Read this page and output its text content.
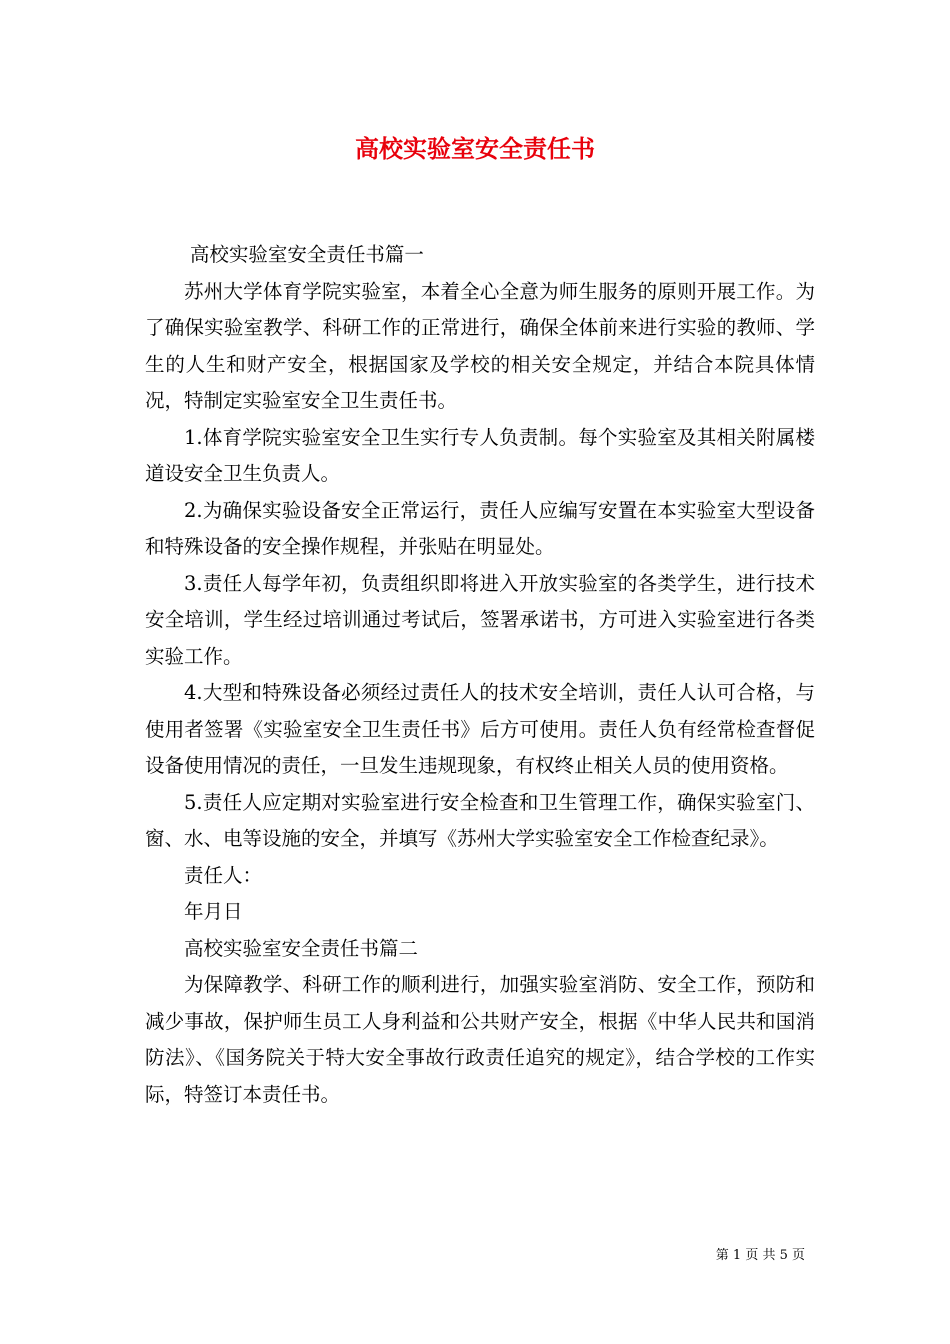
高校实验室安全责任书

高校实验室安全责任书篇一

苏州大学体育学院实验室，本着全心全意为师生服务的原则开展工作。为了确保实验室教学、科研工作的正常进行，确保全体前来进行实验的教师、学生的人生和财产安全，根据国家及学校的相关安全规定，并结合本院具体情况，特制定实验室安全卫生责任书。

1.体育学院实验室安全卫生实行专人负责制。每个实验室及其相关附属楼道设安全卫生负责人。

2.为确保实验设备安全正常运行，责任人应编写安置在本实验室大型设备和特殊设备的安全操作规程，并张贴在明显处。

3.责任人每学年初，负责组织即将进入开放实验室的各类学生，进行技术安全培训，学生经过培训通过考试后，签署承诺书，方可进入实验室进行各类实验工作。

4.大型和特殊设备必须经过责任人的技术安全培训，责任人认可合格，与使用者签署《实验室安全卫生责任书》后方可使用。责任人负有经常检查督促设备使用情况的责任，一旦发生违规现象，有权终止相关人员的使用资格。

5.责任人应定期对实验室进行安全检查和卫生管理工作，确保实验室门、窗、水、电等设施的安全，并填写《苏州大学实验室安全工作检查纪录》。

责任人：

年月日

高校实验室安全责任书篇二

为保障教学、科研工作的顺利进行，加强实验室消防、安全工作，预防和减少事故，保护师生员工人身利益和公共财产安全，根据《中华人民共和国消防法》、《国务院关于特大安全事故行政责任追究的规定》，结合学校的工作实际，特签订本责任书。

第 1 页 共 5 页
